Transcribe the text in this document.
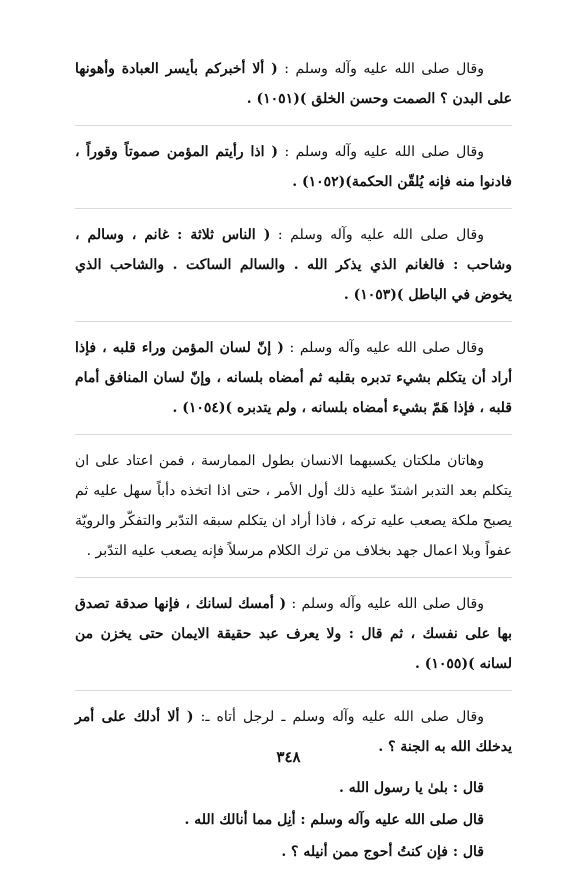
وقال صلى الله عليه وآله وسلم : ( ألا أخبركم بأيسر العبادة وأهونها على البدن ؟ الصمت وحسن الخلق )(١٠٥١) .

وقال صلى الله عليه وآله وسلم : ( اذا رأيتم المؤمن صموتاً وقوراً ، فادنوا منه فإنه يُلقّن الحكمة)(١٠٥٢) .

وقال صلى الله عليه وآله وسلم : ( الناس ثلاثة : غانم ، وسالم ، وشاحب : فالغانم الذي يذكر الله . والسالم الساكت . والشاحب الذي يخوض في الباطل )(١٠٥٣) .

وقال صلى الله عليه وآله وسلم : ( إنّ لسان المؤمن وراء قلبه ، فإذا أراد أن يتكلم بشيء تدبره بقلبه ثم أمضاه بلسانه ، وإنّ لسان المنافق أمام قلبه ، فإذا هَمّ بشيء أمضاه بلسانه ، ولم يتدبره )(١٠٥٤) .

وهاتان ملكتان يكسبهما الانسان بطول الممارسة ، فمن اعتاد على ان يتكلم بعد التدبر اشتدّ عليه ذلك أول الأمر ، حتى اذا اتخذه دأباً سهل عليه ثم يصبح ملكة يصعب عليه تركه ، فاذا أراد ان يتكلم سبقه التدّبر والتفكّر والرويّة عفواً وبلا اعمال جهد بخلاف من ترك الكلام مرسلاً فإنه يصعب عليه التدّبر .

وقال صلى الله عليه وآله وسلم : ( أمسك لسانك ، فإنها صدقة تصدق بها على نفسك ، ثم قال : ولا يعرف عبد حقيقة الايمان حتى يخزن من لسانه )(١٠٥٥) .

وقال صلى الله عليه وآله وسلم ـ لرجل أتاه ـ: ( ألا أدلك على أمر يدخلك الله به الجنة ؟ .

قال : بلىٰ يا رسول الله .

قال صلى الله عليه وآله وسلم : أنِل مما أنالك الله .

قال : فإن كنتُ أحوج ممن أنيله ؟ .

٣٤٨
